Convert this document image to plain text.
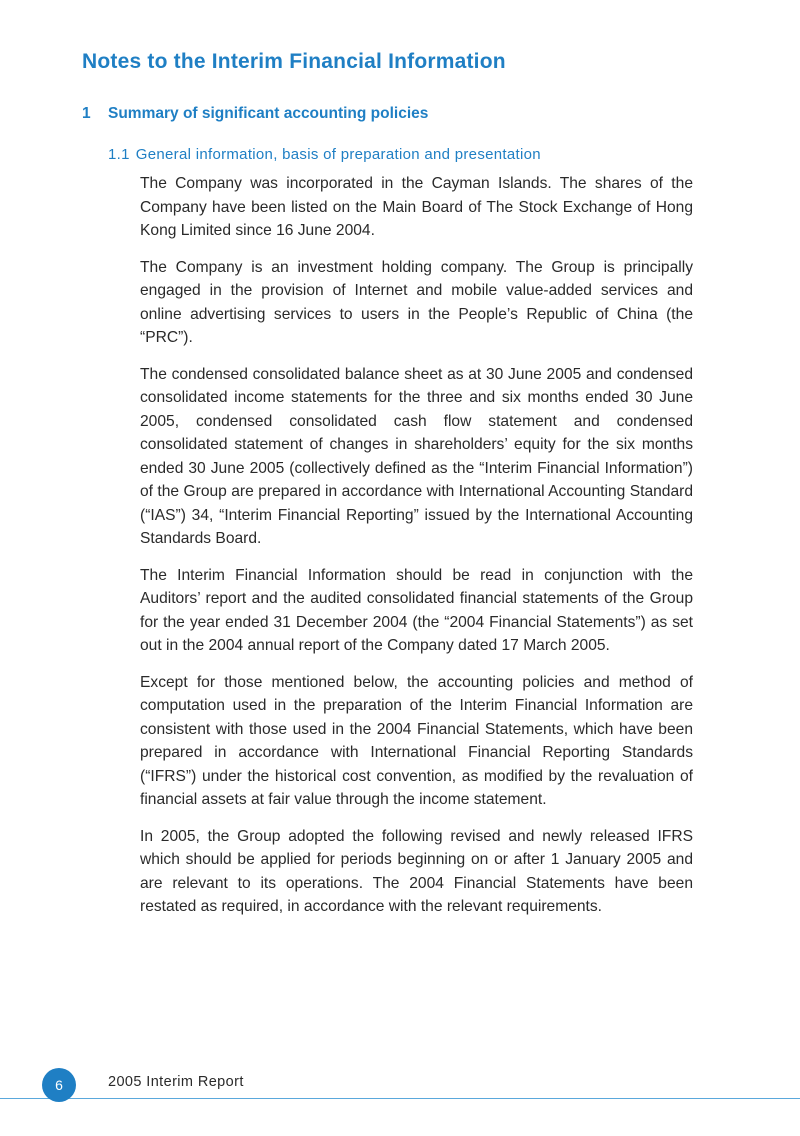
Notes to the Interim Financial Information
1	Summary of significant accounting policies
1.1 General information, basis of preparation and presentation

The Company was incorporated in the Cayman Islands. The shares of the Company have been listed on the Main Board of The Stock Exchange of Hong Kong Limited since 16 June 2004.

The Company is an investment holding company. The Group is principally engaged in the provision of Internet and mobile value-added services and online advertising services to users in the People’s Republic of China (the “PRC”).

The condensed consolidated balance sheet as at 30 June 2005 and condensed consolidated income statements for the three and six months ended 30 June 2005, condensed consolidated cash flow statement and condensed consolidated statement of changes in shareholders’ equity for the six months ended 30 June 2005 (collectively defined as the “Interim Financial Information”) of the Group are prepared in accordance with International Accounting Standard (“IAS”) 34, “Interim Financial Reporting” issued by the International Accounting Standards Board.

The Interim Financial Information should be read in conjunction with the Auditors’ report and the audited consolidated financial statements of the Group for the year ended 31 December 2004 (the “2004 Financial Statements”) as set out in the 2004 annual report of the Company dated 17 March 2005.

Except for those mentioned below, the accounting policies and method of computation used in the preparation of the Interim Financial Information are consistent with those used in the 2004 Financial Statements, which have been prepared in accordance with International Financial Reporting Standards (“IFRS”) under the historical cost convention, as modified by the revaluation of financial assets at fair value through the income statement.

In 2005, the Group adopted the following revised and newly released IFRS which should be applied for periods beginning on or after 1 January 2005 and are relevant to its operations. The 2004 Financial Statements have been restated as required, in accordance with the relevant requirements.

6	2005 Interim Report
